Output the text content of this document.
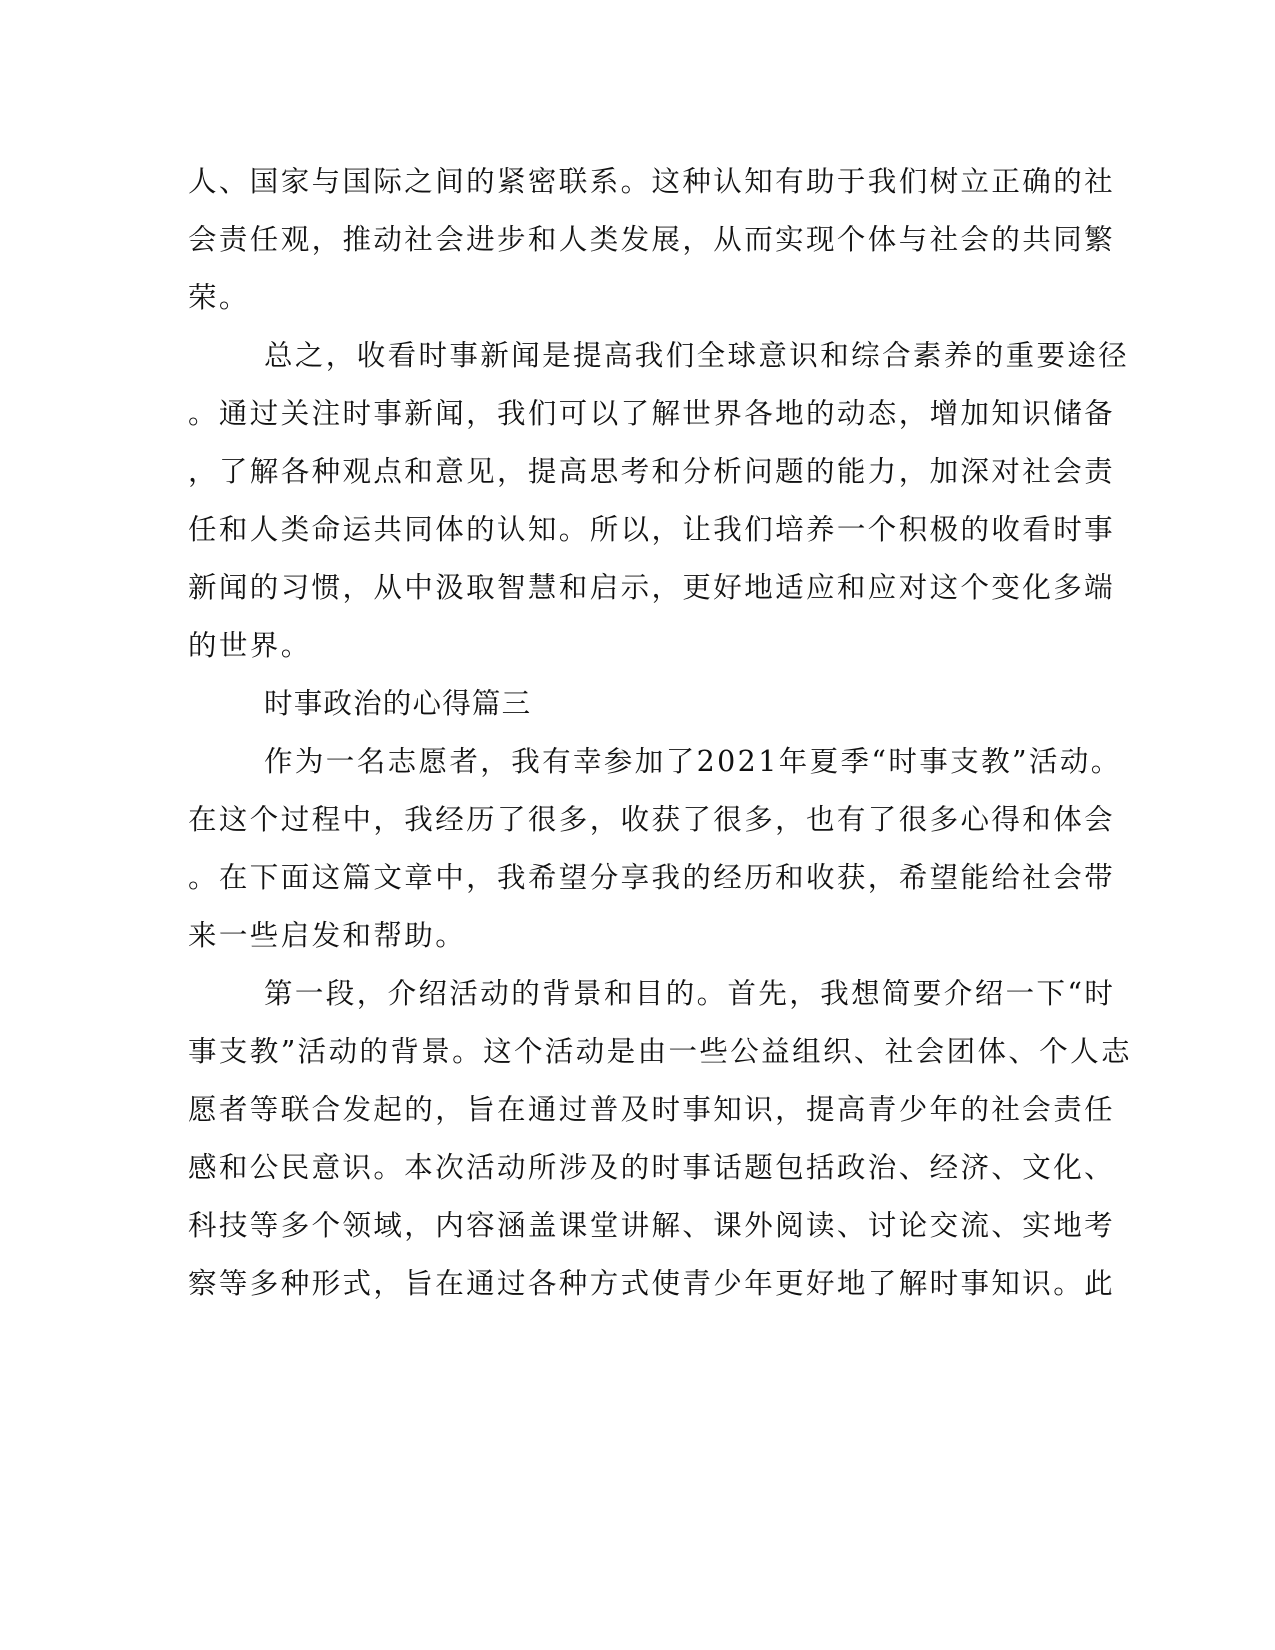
人、国家与国际之间的紧密联系。这种认知有助于我们树立正确的社
会责任观，推动社会进步和人类发展，从而实现个体与社会的共同繁
荣。
总之，收看时事新闻是提高我们全球意识和综合素养的重要途径
。通过关注时事新闻，我们可以了解世界各地的动态，增加知识储备
，了解各种观点和意见，提高思考和分析问题的能力，加深对社会责
任和人类命运共同体的认知。所以，让我们培养一个积极的收看时事
新闻的习惯，从中汲取智慧和启示，更好地适应和应对这个变化多端
的世界。
时事政治的心得篇三
作为一名志愿者，我有幸参加了2021年夏季“时事支教”活动。
在这个过程中，我经历了很多，收获了很多，也有了很多心得和体会
。在下面这篇文章中，我希望分享我的经历和收获，希望能给社会带
来一些启发和帮助。
第一段，介绍活动的背景和目的。首先，我想简要介绍一下“时
事支教”活动的背景。这个活动是由一些公益组织、社会团体、个人志
愿者等联合发起的，旨在通过普及时事知识，提高青少年的社会责任
感和公民意识。本次活动所涉及的时事话题包括政治、经济、文化、
科技等多个领域，内容涵盖课堂讲解、课外阅读、讨论交流、实地考
察等多种形式，旨在通过各种方式使青少年更好地了解时事知识。此
